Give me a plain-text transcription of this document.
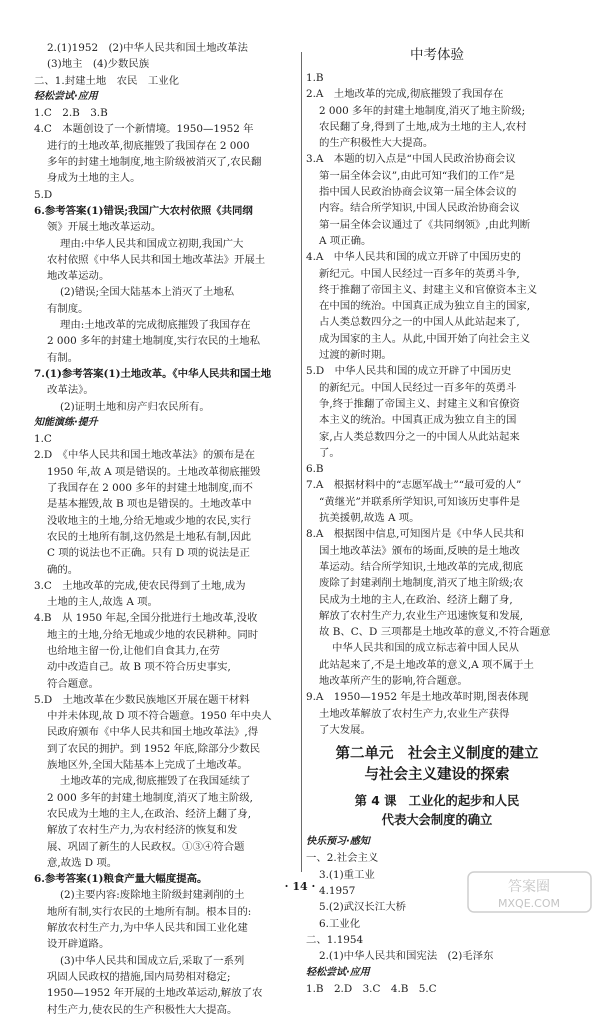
2.(1)1952　(2)中华人民共和国土地改革法
(3)地主　(4)少数民族
二、1.封建土地　农民　工业化
轻松尝试·应用
1.C　2.B　3.B
4.C　本题创设了一个新情境。1950—1952 年
进行的土地改革,彻底摧毁了我国存在 2 000
多年的封建土地制度,地主阶级被消灭了,农民翻
身成为土地的主人。
5.D
6.参考答案(1)错误;我国广大农村依照《共同纲
领》开展土地改革运动。
理由:中华人民共和国成立初期,我国广大
农村依照《中华人民共和国土地改革法》开展土
地改革运动。
(2)错误;全国大陆基本上消灭了土地私
有制度。
理由:土地改革的完成彻底摧毁了我国存在
2 000 多年的封建土地制度,实行农民的土地私
有制。
7.(1)参考答案(1)土地改革。《中华人民共和国土地
改革法》。
(2)证明土地和房产归农民所有。
知能演练·提升
1.C
2.D　《中华人民共和国土地改革法》的颁布是在
1950 年,故 A 项是错误的。土地改革彻底摧毁
了我国存在 2 000 多年的封建土地制度,而不
是基本摧毁,故 B 项也是错误的。土地改革中
没收地主的土地,分给无地或少地的农民,实行
农民的土地所有制,这仍然是土地私有制,因此
C 项的说法也不正确。只有 D 项的说法是正
确的。
3.C　土地改革的完成,使农民得到了土地,成为
土地的主人,故选 A 项。
4.B　从 1950 年起,全国分批进行土地改革,没收
地主的土地,分给无地或少地的农民耕种。同时
也给地主留一份,让他们自食其力,在劳
动中改造自己。故 B 项不符合历史事实,
符合题意。
5.D　土地改革在少数民族地区开展在题干材料
中并未体现,故 D 项不符合题意。1950 年中央人
民政府颁布《中华人民共和国土地改革法》,得
到了农民的拥护。到 1952 年底,除部分少数民
族地区外,全国大陆基本上完成了土地改革。
土地改革的完成,彻底摧毁了在我国延续了
2 000 多年的封建土地制度,消灭了地主阶级,
农民成为土地的主人,在政治、经济上翻了身,
解放了农村生产力,为农村经济的恢复和发
展、巩固了新生的人民政权。①③④符合题
意,故选 D 项。
6.参考答案(1)粮食产量大幅度提高。
(2)主要内容:废除地主阶级封建剥削的土
地所有制,实行农民的土地所有制。根本目的:
解放农村生产力,为中华人民共和国工业化建
设开辟道路。
(3)中华人民共和国成立后,采取了一系列
巩固人民政权的措施,国内局势相对稳定;
1950—1952 年开展的土地改革运动,解放了农
村生产力,使农民的生产积极性大大提高。
中考体验
1.B
2.A　土地改革的完成,彻底摧毁了我国存在
2 000 多年的封建土地制度,消灭了地主阶级;
农民翻了身,得到了土地,成为土地的主人,农村
的生产积极性大大提高。
3.A　本题的切入点是“中国人民政治协商会议
第一届全体会议”,由此可知“我们的工作”是
指中国人民政治协商会议第一届全体会议的
内容。结合所学知识,中国人民政治协商会议
第一届全体会议通过了《共同纲领》,由此判断
A 项正确。
4.A　中华人民共和国的成立开辟了中国历史的
新纪元。中国人民经过一百多年的英勇斗争,
终于推翻了帝国主义、封建主义和官僚资本主义
在中国的统治。中国真正成为独立自主的国家,
占人类总数四分之一的中国人从此站起来了,
成为国家的主人。从此,中国开始了向社会主义
过渡的新时期。
5.D　中华人民共和国的成立开辟了中国历史
的新纪元。中国人民经过一百多年的英勇斗
争,终于推翻了帝国主义、封建主义和官僚资
本主义的统治。中国真正成为独立自主的国
家,占人类总数四分之一的中国人从此站起来
了。
6.B
7.A　根据材料中的“志愿军战士”“最可爱的人”
“黄继光”并联系所学知识,可知该历史事件是
抗美援朝,故选 A 项。
8.A　根据图中信息,可知图片是《中华人民共和
国土地改革法》颁布的场面,反映的是土地改
革运动。结合所学知识,土地改革的完成,彻底
废除了封建剥削土地制度,消灭了地主阶级;农
民成为土地的主人,在政治、经济上翻了身,
解放了农村生产力,农业生产迅速恢复和发展,
故 B、C、D 三项都是土地改革的意义,不符合题意
中华人民共和国的成立标志着中国人民从
此站起来了,不是土地改革的意义,A 项不属于土
地改革所产生的影响,符合题意。
9.A　1950—1952 年是土地改革时期,图表体现
土地改革解放了农村生产力,农业生产获得
了大发展。
第二单元　社会主义制度的建立
与社会主义建设的探索
第 4 课　工业化的起步和人民
代表大会制度的确立
快乐预习·感知
一、2.社会主义
3.(1)重工业
4.1957
5.(2)武汉长江大桥
6.工业化
二、1.1954
2.(1)中华人民共和国宪法　(2)毛泽东
轻松尝试·应用
1.B　2.D　3.C　4.B　5.C
· 14 ·	答案圈
MXQE.COM
